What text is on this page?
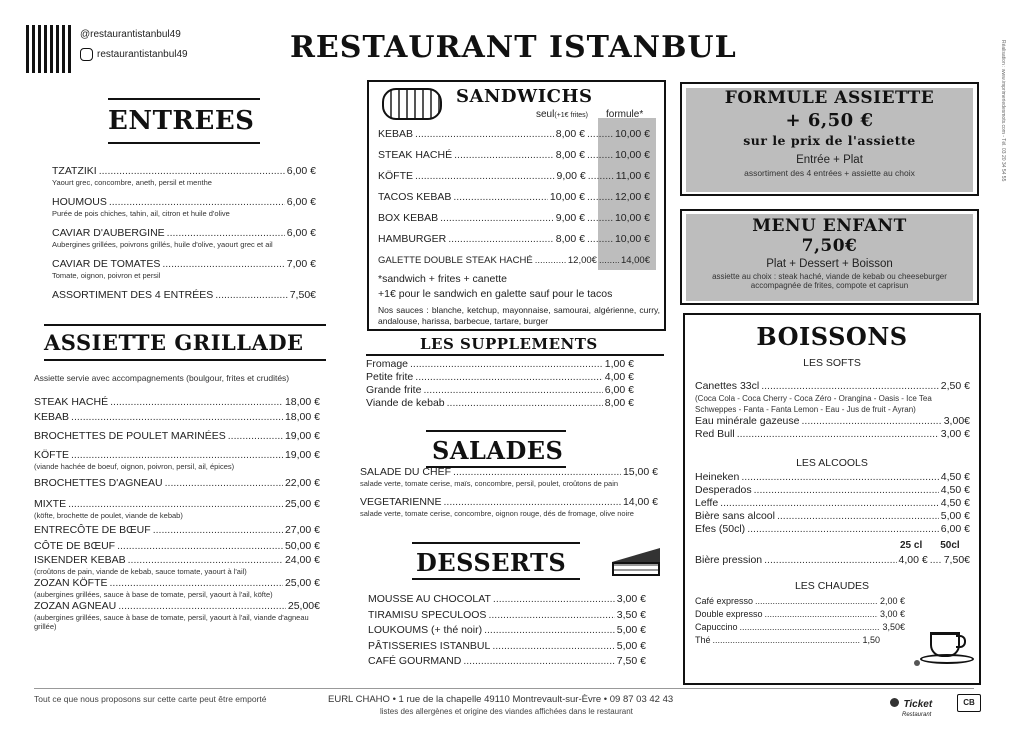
@restaurantistanbul49
restaurantistanbul49	RESTAURANT ISTANBUL	Réalisation : www.imprimeriedesmots.com - Tél. 03 20 34 54 55
ENTREES
TZATZIKI .....	6,00 €
Yaourt grec, concombre, aneth, persil et menthe
HOUMOUS .....	6,00 €
Purée de pois chiches, tahin, ail, citron et huile d'olive
CAVIAR D'AUBERGINE .....	6,00 €
Aubergines grillées, poivrons grillés, huile d'olive, yaourt grec et ail
CAVIAR DE TOMATES .....	7,00 €
Tomate, oignon, poivron et persil
ASSORTIMENT DES 4 ENTRÉES .....	7,50€
ASSIETTE GRILLADE
Assiette servie avec accompagnements (boulgour, frites et crudités)
STEAK HACHÉ .....	18,00 €
KEBAB .....	18,00 €
BROCHETTES DE POULET MARINÉES .....	19,00 €
KÖFTE .....	19,00 €
(viande hachée de boeuf, oignon, poivron, persil, ail, épices)
BROCHETTES D'AGNEAU .....	22,00 €
MIXTE .....	25,00 €
(köfte, brochette de poulet, viande de kebab)
ENTRECÔTE DE BŒUF .....	27,00 €
CÔTE DE BŒUF .....	50,00 €
ISKENDER KEBAB .....	24,00 €
(croûtons de pain, viande de kebab, sauce tomate, yaourt à l'ail)
ZOZAN KÖFTE .....	25,00 €
(aubergines grillées, sauce à base de tomate, persil, yaourt à l'ail, köfte)
ZOZAN AGNEAU .....	25,00€
(aubergines grillées, sauce à base de tomate, persil, yaourt à l'ail, viande d'agneau grillée)
SANDWICHS
seul(+1€ frites) formule*
KEBAB .....	8,00 € .....	10,00 €
STEAK HACHÉ .....	8,00 € .....	10,00 €
KÖFTE .....	9,00 € .....	11,00 €
TACOS KEBAB .....	10,00 € .....	12,00 €
BOX KEBAB .....	9,00 € .....	10,00 €
HAMBURGER .....	8,00 € .....	10,00 €
GALETTE DOUBLE STEAK HACHÉ .....	12,00€ .....	14,00€
*sandwich + frites + canette
+1€ pour le sandwich en galette sauf pour le tacos
Nos sauces : blanche, ketchup, mayonnaise, samourai, algérienne, curry, andalouse, harissa, barbecue, tartare, burger
LES SUPPLEMENTS
Fromage .....	1,00 €
Petite frite .....	4,00 €
Grande frite .....	6,00 €
Viande de kebab .....	8,00 €
SALADES
SALADE DU CHEF .....	15,00 €
salade verte, tomate cerise, maïs, concombre, persil, poulet, croûtons de pain
VEGETARIENNE .....	14,00 €
salade verte, tomate cerise, concombre, oignon rouge, dés de fromage, olive noire
DESSERTS
MOUSSE AU CHOCOLAT .....	3,00 €
TIRAMISU SPECULOOS .....	3,50 €
LOUKOUMS (+ thé noir) .....	5,00 €
PÂTISSERIES ISTANBUL .....	5,00 €
CAFÉ GOURMAND .....	7,50 €
FORMULE ASSIETTE
+ 6,50 €
sur le prix de l'assiette
Entrée + Plat
assortiment des 4 entrées + assiette au choix
MENU ENFANT
7,50€
Plat + Dessert + Boisson
assiette au choix : steak haché, viande de kebab ou cheeseburger
accompagnée de frites, compote et caprisun
BOISSONS
LES SOFTS
Canettes 33cl .....	2,50 €
(Coca Cola - Coca Cherry - Coca Zéro - Orangina - Oasis - Ice Tea Schweppes - Fanta - Fanta Lemon - Eau - Jus de fruit - Ayran)
Eau minérale gazeuse .....	3,00€
Red Bull .....	3,00 €
LES ALCOOLS
Heineken .....	4,50 €
Desperados .....	4,50 €
Leffe .....	4,50 €
Bière sans alcool .....	5,00 €
Efes (50cl) .....	6,00 €
25 cl 50cl
Bière pression .....	4,00 € ..... 7,50€
LES CHAUDES
Café expresso .....	2,00 €
Double expresso .....	3,00 €
Capuccino .....	3,50€
Thé .....	1,50
Tout ce que nous proposons sur cette carte peut être emporté	EURL CHAHO • 1 rue de la chapelle 49110 Montrevault-sur-Èvre • 09 87 03 42 43
listes des allergènes et origine des viandes affichées dans le restaurant
Ticket
Restaurant
CB
